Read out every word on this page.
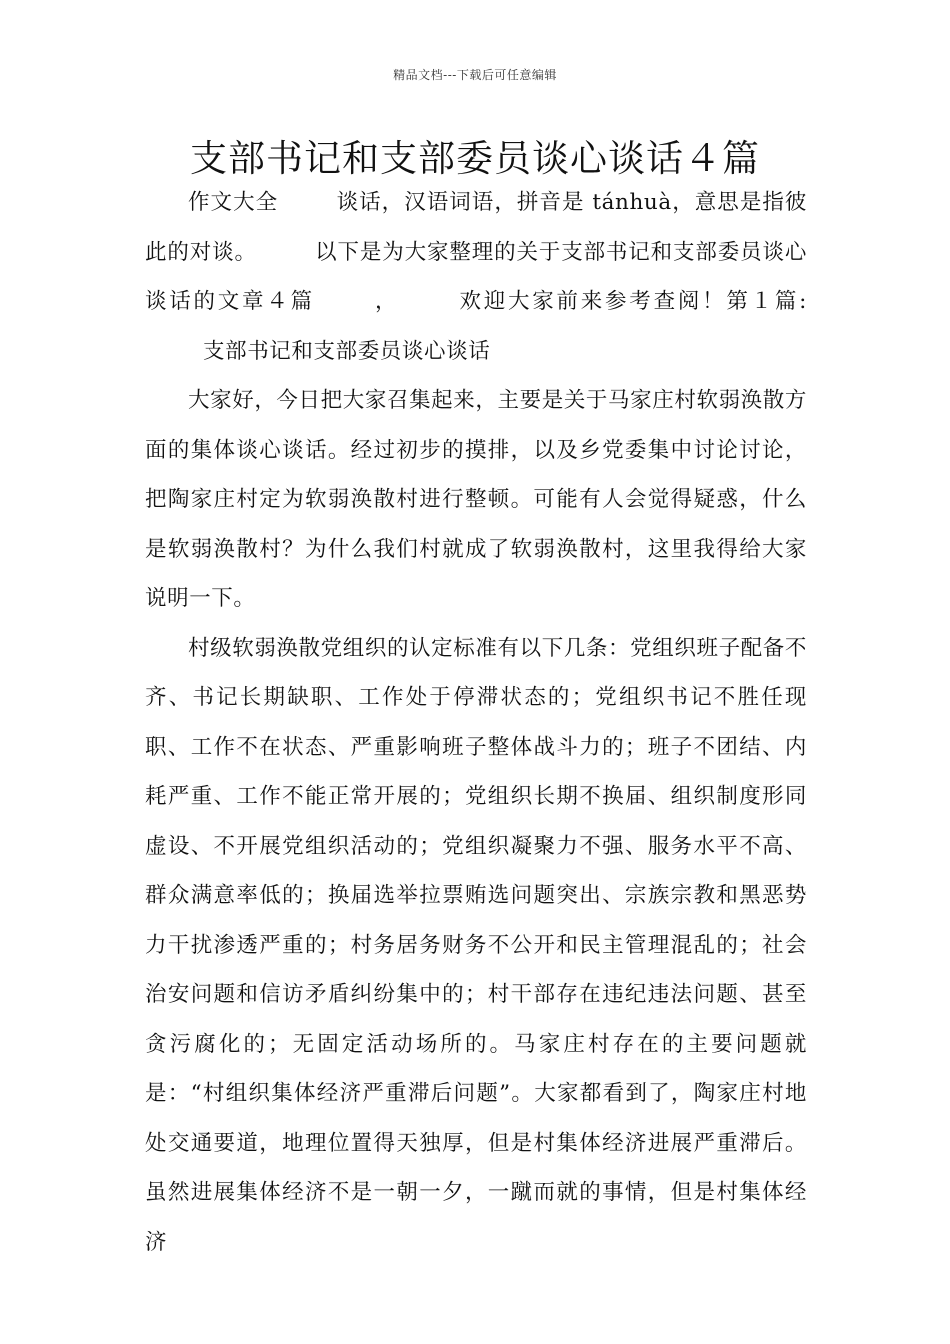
精品文档---下载后可任意编辑
支部书记和支部委员谈心谈话４篇

作文大全	谈话，汉语词语，拼音是 tánhuà，意思是指彼此的对谈。	以下是为大家整理的关于支部书记和支部委员谈心谈话的文章４篇	，	欢迎大家前来参考查阅！第１篇:支部书记和支部委员谈心谈话

大家好，今日把大家召集起来，主要是关于马家庄村软弱涣散方面的集体谈心谈话。经过初步的摸排，以及乡党委集中讨论讨论，把陶家庄村定为软弱涣散村进行整顿。可能有人会觉得疑惑，什么是软弱涣散村？为什么我们村就成了软弱涣散村，这里我得给大家说明一下。

村级软弱涣散党组织的认定标准有以下几条：党组织班子配备不齐、书记长期缺职、工作处于停滞状态的；党组织书记不胜任现职、工作不在状态、严重影响班子整体战斗力的；班子不团结、内耗严重、工作不能正常开展的；党组织长期不换届、组织制度形同虚设、不开展党组织活动的；党组织凝聚力不强、服务水平不高、群众满意率低的；换届选举拉票贿选问题突出、宗族宗教和黑恶势力干扰渗透严重的；村务居务财务不公开和民主管理混乱的；社会治安问题和信访矛盾纠纷集中的；村干部存在违纪违法问题、甚至贪污腐化的；无固定活动场所的。马家庄村存在的主要问题就是：“村组织集体经济严重滞后问题”。大家都看到了，陶家庄村地处交通要道，地理位置得天独厚，但是村集体经济进展严重滞后。虽然进展集体经济不是一朝一夕，一蹴而就的事情，但是村集体经济
